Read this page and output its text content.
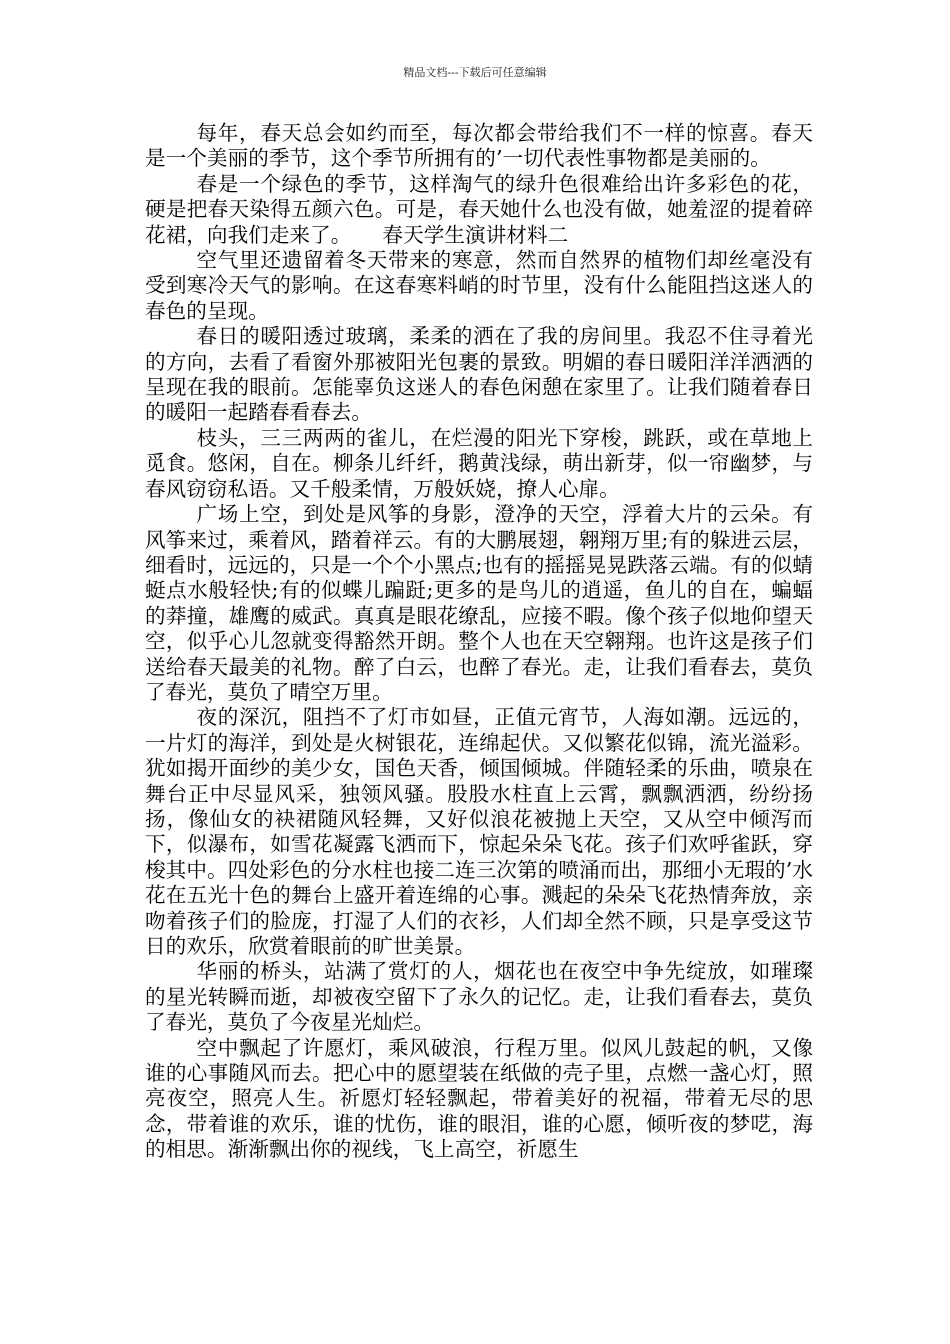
精品文档---下载后可任意编辑

每年，春天总会如约而至，每次都会带给我们不一样的惊喜。春天是一个美丽的季节，这个季节所拥有的’一切代表性事物都是美丽的。

春是一个绿色的季节，这样淘气的绿升色很难给出许多彩色的花，硬是把春天染得五颜六色。可是，春天她什么也没有做，她羞涩的提着碎花裙，向我们走来了。　　春天学生演讲材料二

空气里还遗留着冬天带来的寒意，然而自然界的植物们却丝毫没有受到寒冷天气的影响。在这春寒料峭的时节里，没有什么能阻挡这迷人的春色的呈现。

春日的暖阳透过玻璃，柔柔的洒在了我的房间里。我忍不住寻着光的方向，去看了看窗外那被阳光包裹的景致。明媚的春日暖阳洋洋洒洒的呈现在我的眼前。怎能辜负这迷人的春色闲憩在家里了。让我们随着春日的暖阳一起踏春看春去。

枝头，三三两两的雀儿，在烂漫的阳光下穿梭，跳跃，或在草地上觅食。悠闲，自在。柳条儿纤纤，鹅黄浅绿，萌出新芽，似一帘幽梦，与春风窃窃私语。又千般柔情，万般妖娆，撩人心扉。

广场上空，到处是风筝的身影，澄净的天空，浮着大片的云朵。有风筝来过，乘着风，踏着祥云。有的大鹏展翅，翱翔万里;有的躲进云层，细看时，远远的，只是一个个小黑点;也有的摇摇晃晃跌落云端。有的似蜻蜓点水般轻快;有的似蝶儿蹁跹;更多的是鸟儿的逍遥，鱼儿的自在，蝙蝠的莽撞，雄鹰的威武。真真是眼花缭乱，应接不暇。像个孩子似地仰望天空，似乎心儿忽就变得豁然开朗。整个人也在天空翱翔。也许这是孩子们送给春天最美的礼物。醉了白云，也醉了春光。走，让我们看春去，莫负了春光，莫负了晴空万里。

夜的深沉，阻挡不了灯市如昼，正值元宵节，人海如潮。远远的，一片灯的海洋，到处是火树银花，连绵起伏。又似繁花似锦，流光溢彩。犹如揭开面纱的美少女，国色天香，倾国倾城。伴随轻柔的乐曲，喷泉在舞台正中尽显风采，独领风骚。股股水柱直上云霄，飘飘洒洒，纷纷扬扬，像仙女的袂裙随风轻舞，又好似浪花被抛上天空，又从空中倾泻而下，似瀑布，如雪花凝露飞洒而下，惊起朵朵飞花。孩子们欢呼雀跃，穿梭其中。四处彩色的分水柱也接二连三次第的喷涌而出，那细小无瑕的’水花在五光十色的舞台上盛开着连绵的心事。溅起的朵朵飞花热情奔放，亲吻着孩子们的脸庞，打湿了人们的衣衫，人们却全然不顾，只是享受这节日的欢乐，欣赏着眼前的旷世美景。

华丽的桥头，站满了赏灯的人，烟花也在夜空中争先绽放，如璀璨的星光转瞬而逝，却被夜空留下了永久的记忆。走，让我们看春去，莫负了春光，莫负了今夜星光灿烂。

空中飘起了许愿灯，乘风破浪，行程万里。似风儿鼓起的帆，又像谁的心事随风而去。把心中的愿望装在纸做的壳子里，点燃一盏心灯，照亮夜空，照亮人生。祈愿灯轻轻飘起，带着美好的祝福，带着无尽的思念，带着谁的欢乐，谁的忧伤，谁的眼泪，谁的心愿，倾听夜的梦呓，海的相思。渐渐飘出你的视线，飞上高空，祈愿生
